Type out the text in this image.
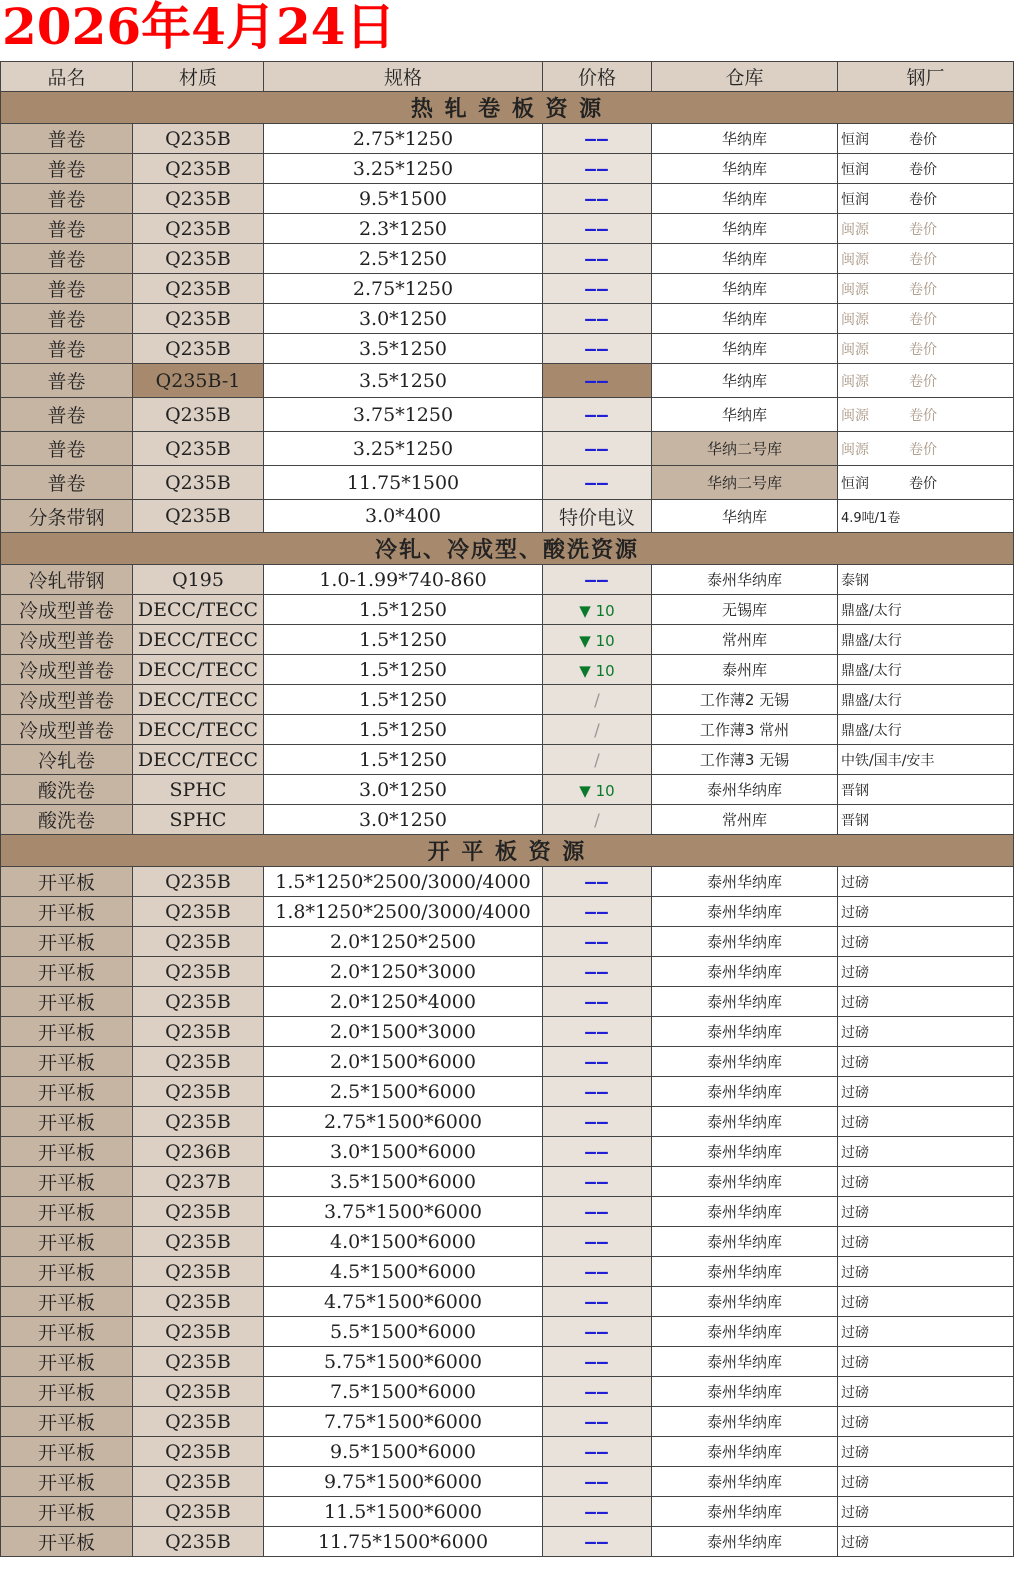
2026年4月24日
品名	材质	规格	价格	仓库	钢厂
热 轧 卷 板 资 源					
普卷	Q235B	2.75*1250	——	华纳库	恒润 卷价
普卷	Q235B	3.25*1250	——	华纳库	恒润 卷价
普卷	Q235B	9.5*1500	——	华纳库	恒润 卷价
普卷	Q235B	2.3*1250	——	华纳库	闽源 卷价
普卷	Q235B	2.5*1250	——	华纳库	闽源 卷价
普卷	Q235B	2.75*1250	——	华纳库	闽源 卷价
普卷	Q235B	3.0*1250	——	华纳库	闽源 卷价
普卷	Q235B	3.5*1250	——	华纳库	闽源 卷价
普卷	Q235B-1	3.5*1250	——	华纳库	闽源 卷价
普卷	Q235B	3.75*1250	——	华纳库	闽源 卷价
普卷	Q235B	3.25*1250	——	华纳二号库	闽源 卷价
普卷	Q235B	11.75*1500	——	华纳二号库	恒润 卷价
分条带钢	Q235B	3.0*400	特价电议	华纳库	4.9吨/1卷
冷轧、冷成型、酸洗资源					
冷轧带钢	Q195	1.0-1.99*740-860	——	泰州华纳库	泰钢
冷成型普卷	DECC/TECC	1.5*1250	▼ 10	无锡库	鼎盛/太行
冷成型普卷	DECC/TECC	1.5*1250	▼ 10	常州库	鼎盛/太行
冷成型普卷	DECC/TECC	1.5*1250	▼ 10	泰州库	鼎盛/太行
冷成型普卷	DECC/TECC	1.5*1250	/	工作薄2 无锡	鼎盛/太行
冷成型普卷	DECC/TECC	1.5*1250	/	工作薄3 常州	鼎盛/太行
冷轧卷	DECC/TECC	1.5*1250	/	工作薄3 无锡	中铁/国丰/安丰
酸洗卷	SPHC	3.0*1250	▼ 10	泰州华纳库	晋钢
酸洗卷	SPHC	3.0*1250	/	常州库	晋钢
开 平 板 资 源					
开平板	Q235B	1.5*1250*2500/3000/4000	——	泰州华纳库	过磅
开平板	Q235B	1.8*1250*2500/3000/4000	——	泰州华纳库	过磅
开平板	Q235B	2.0*1250*2500	——	泰州华纳库	过磅
开平板	Q235B	2.0*1250*3000	——	泰州华纳库	过磅
开平板	Q235B	2.0*1250*4000	——	泰州华纳库	过磅
开平板	Q235B	2.0*1500*3000	——	泰州华纳库	过磅
开平板	Q235B	2.0*1500*6000	——	泰州华纳库	过磅
开平板	Q235B	2.5*1500*6000	——	泰州华纳库	过磅
开平板	Q235B	2.75*1500*6000	——	泰州华纳库	过磅
开平板	Q236B	3.0*1500*6000	——	泰州华纳库	过磅
开平板	Q237B	3.5*1500*6000	——	泰州华纳库	过磅
开平板	Q235B	3.75*1500*6000	——	泰州华纳库	过磅
开平板	Q235B	4.0*1500*6000	——	泰州华纳库	过磅
开平板	Q235B	4.5*1500*6000	——	泰州华纳库	过磅
开平板	Q235B	4.75*1500*6000	——	泰州华纳库	过磅
开平板	Q235B	5.5*1500*6000	——	泰州华纳库	过磅
开平板	Q235B	5.75*1500*6000	——	泰州华纳库	过磅
开平板	Q235B	7.5*1500*6000	——	泰州华纳库	过磅
开平板	Q235B	7.75*1500*6000	——	泰州华纳库	过磅
开平板	Q235B	9.5*1500*6000	——	泰州华纳库	过磅
开平板	Q235B	9.75*1500*6000	——	泰州华纳库	过磅
开平板	Q235B	11.5*1500*6000	——	泰州华纳库	过磅
开平板	Q235B	11.75*1500*6000	——	泰州华纳库	过磅
